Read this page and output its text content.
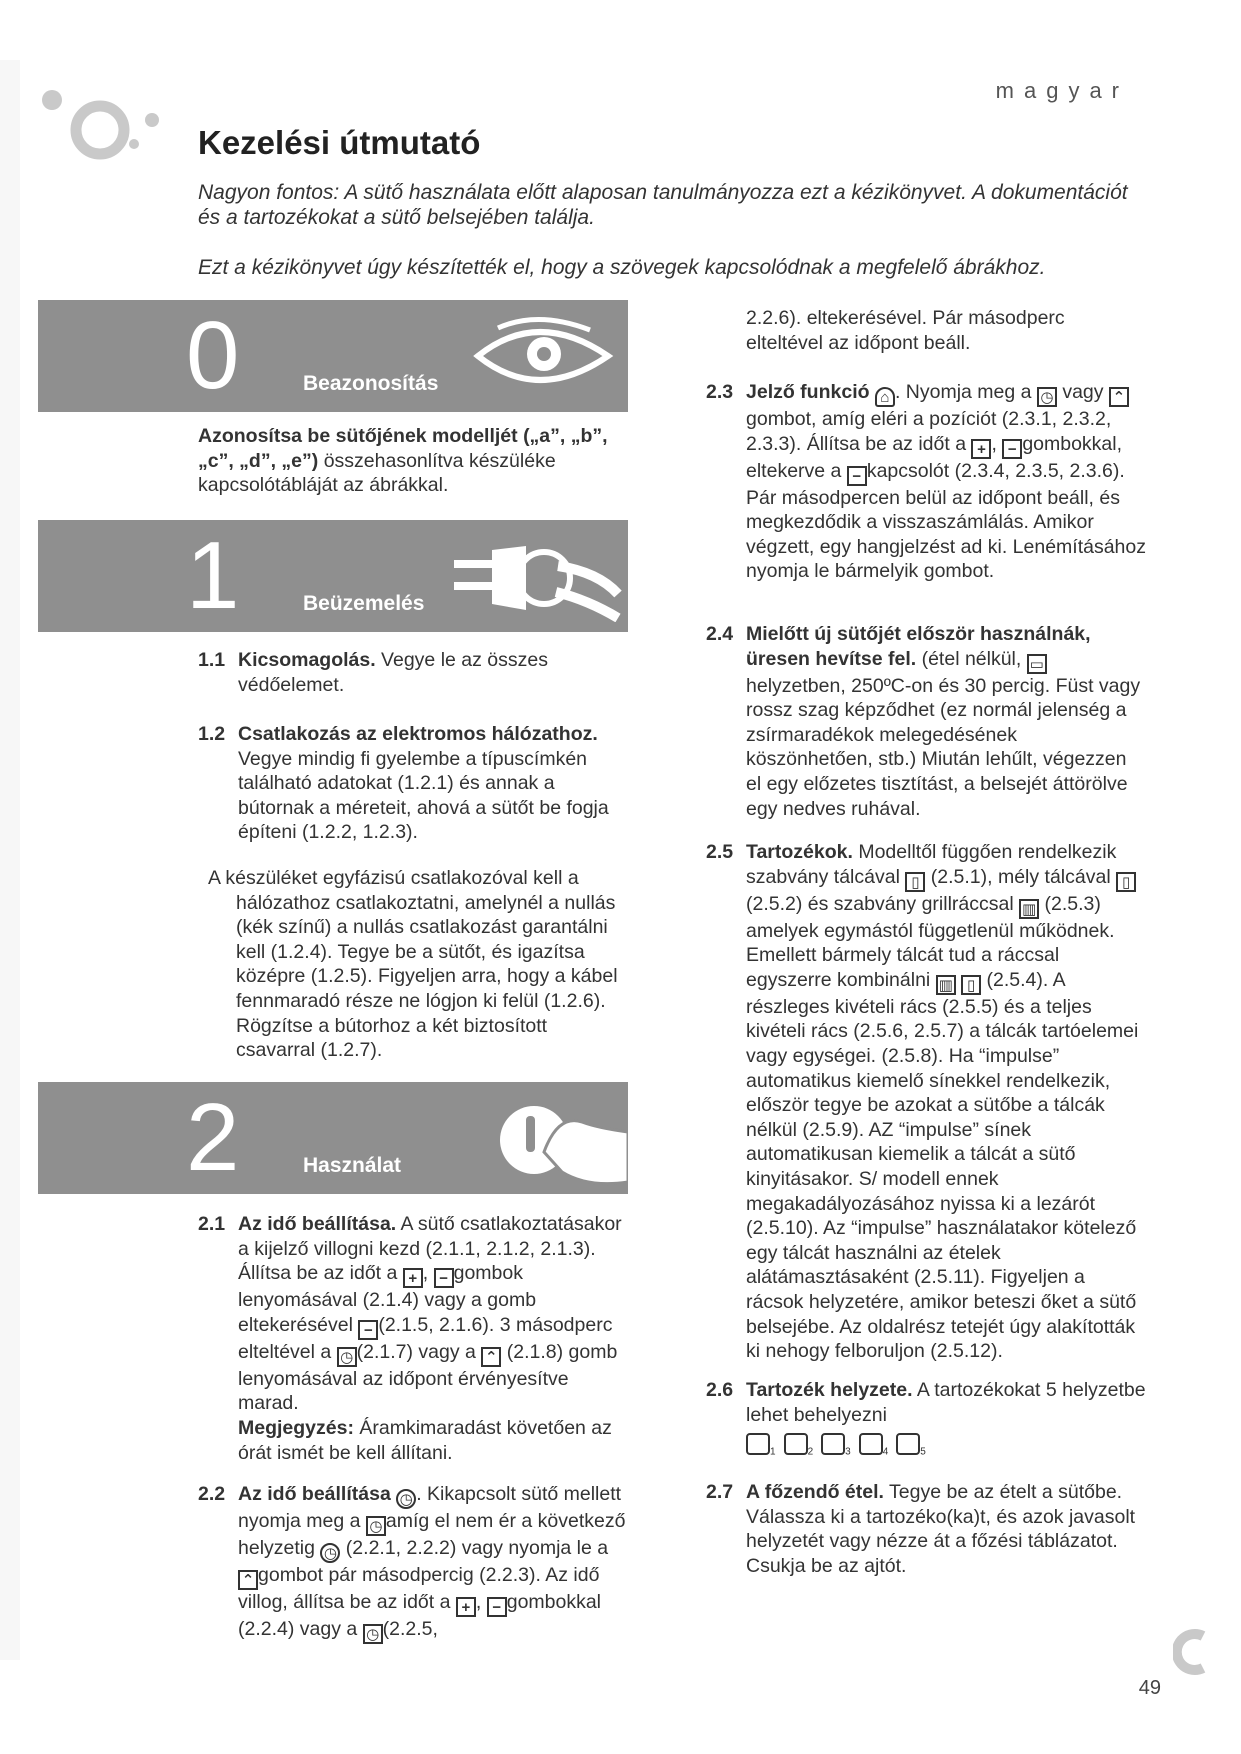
magyar
Kezelési útmutató

Nagyon fontos: A sütő használata előtt alaposan tanulmányozza ezt a kézikönyvet. A dokumentációt és a tartozékokat a sütő belsejében találja.

Ezt a kézikönyvet úgy készítették el, hogy a szövegek kapcsolódnak a megfelelő ábrákhoz.

0	Beazonosítás

Azonosítsa be sütőjének modelljét („a”, „b”, „c”, „d”, „e”) összehasonlítva készüléke kapcsolótábláját az ábrákkal.

1	Beüzemelés
1.1 Kicsomagolás. Vegye le az összes védőelemet.

1.2 Csatlakozás az elektromos hálózathoz. Vegye mindig fi gyelembe a típuscímkén található adatokat (1.2.1) és annak a bútornak a méreteit, ahová a sütőt be fogja építeni (1.2.2, 1.2.3).

A készüléket egyfázisú csatlakozóval kell a hálózathoz csatlakoztatni, amelynél a nullás (kék színű) a nullás csatlakozást garantálni kell (1.2.4). Tegye be a sütőt, és igazítsa középre (1.2.5). Figyeljen arra, hogy a kábel fennmaradó része ne lógjon ki felül (1.2.6). Rögzítse a bútorhoz a két biztosított csavarral (1.2.7).

2	Használat
2.1 Az idő beállítása. A sütő csatlakoztatásakor a kijelző villogni kezd (2.1.1, 2.1.2, 2.1.3). Állítsa be az időt a + , − gombok lenyomásával (2.1.4) vagy a gomb eltekerésével − (2.1.5, 2.1.6). 3 másodperc elteltével a ◷ (2.1.7) vagy a ⌃ (2.1.8) gomb lenyomásával az időpont érvényesítve marad.
Megjegyzés: Áramkimaradást követően az órát ismét be kell állítani.

2.2 Az idő beállítása ◷ . Kikapcsolt sütő mellett nyomja meg a ◷ amíg el nem ér a következő helyzetig ◷ (2.2.1, 2.2.2) vagy nyomja le a ⌃ gombot pár másodpercig (2.2.3). Az idő villog, állítsa be az időt a + , − gombokkal (2.2.4) vagy a ◷ (2.2.5,

2.2.6). eltekerésével. Pár másodperc elteltével az időpont beáll.

2.3 Jelző funkció ⌂ . Nyomja meg a ◷ vagy ⌃gombot, amíg eléri a pozíciót (2.3.1, 2.3.2, 2.3.3). Állítsa be az időt a + , − gombokkal, eltekerve a − kapcsolót (2.3.4, 2.3.5, 2.3.6). Pár másodpercen belül az időpont beáll, és megkezdődik a visszaszámlálás. Amikor végzett, egy hangjelzést ad ki. Lenémításához nyomja le bármelyik gombot.

2.4 Mielőtt új sütőjét először használnák, üresen hevítse fel. (étel nélkül, ▭ helyzetben, 250ºC-on és 30 percig. Füst vagy rossz szag képződhet (ez normál jelenség a zsírmaradékok melegedésének köszönhetően, stb.) Miután lehűlt, végezzen el egy előzetes tisztítást, a belsejét áttörölve egy nedves ruhával.

2.5 Tartozékok. Modelltől függően rendelkezik szabvány tálcával ▯ (2.5.1), mély tálcával ▯ (2.5.2) és szabvány grillráccsal ▥ (2.5.3) amelyek egymástól függetlenül működnek. Emellett bármely tálcát tud a ráccsal egyszerre kombinálni ▥ ▯ (2.5.4). A részleges kivételi rács (2.5.5) és a teljes kivételi rács (2.5.6, 2.5.7) a tálcák tartóelemei vagy egységei. (2.5.8). Ha “impulse” automatikus kiemelő sínekkel rendelkezik, először tegye be azokat a sütőbe a tálcák nélkül (2.5.9). AZ “impulse” sínek automatikusan kiemelik a tálcát a sütő kinyitásakor. S/ modell ennek megakadályozásához nyissa ki a lezárót (2.5.10). Az “impulse” használatakor kötelező egy tálcát használni az ételek alátámasztásaként (2.5.11). Figyeljen a rácsok helyzetére, amikor beteszi őket a sütő belsejébe. Az oldalrész tetejét úgy alakították ki nehogy felboruljon (2.5.12).

2.6 Tartozék helyzete. A tartozékokat 5 helyzetbe lehet behelyezni

$_1$	$_2$	$_3$	$_4$	$_5$
2.7 A főzendő étel. Tegye be az ételt a sütőbe. Válassza ki a tartozéko(ka)t, és azok javasolt helyzetét vagy nézze át a főzési táblázatot. Csukja be az ajtót.

49
